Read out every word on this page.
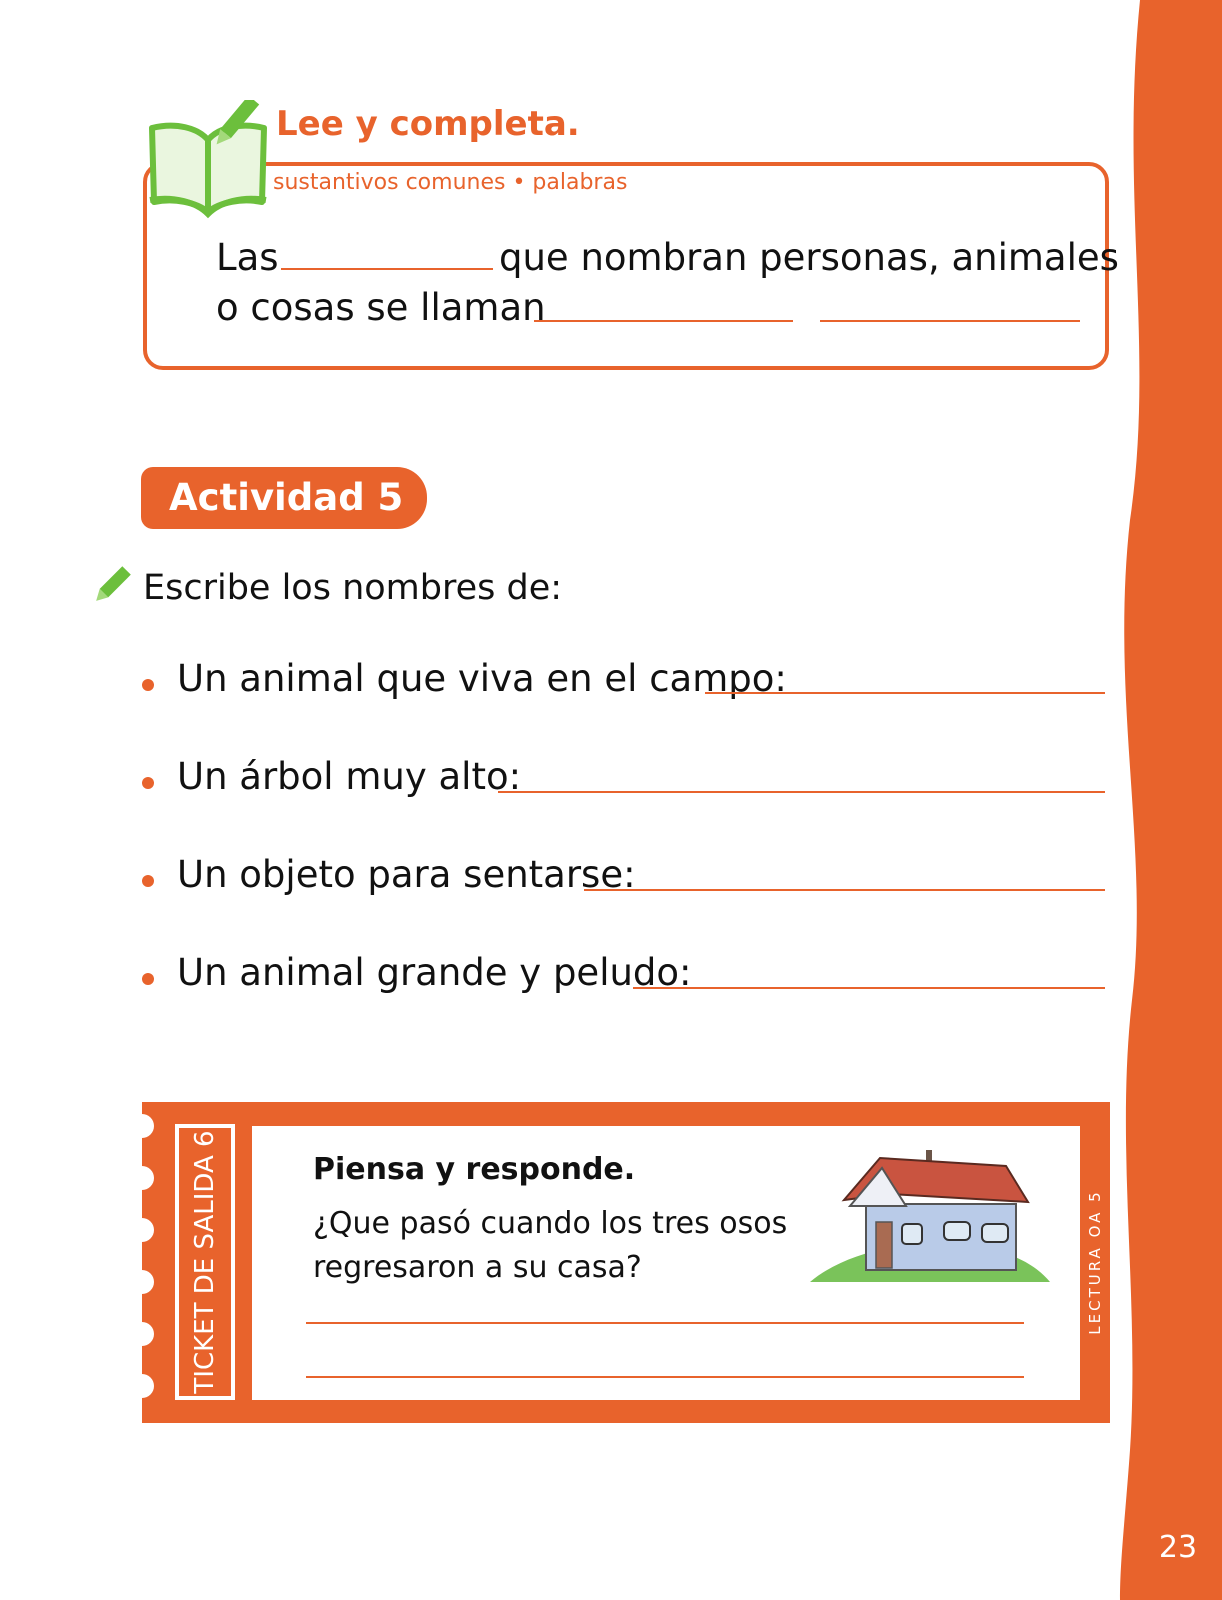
23
Lee y completa.
sustantivos comunes • palabras
Las	que nombran personas, animales
o cosas se llaman
Actividad 5
Escribe los nombres de:
Un animal que viva en el campo:
Un árbol muy alto:
Un objeto para sentarse:
Un animal grande y peludo:
TICKET DE SALIDA 6	Piensa y responde.
¿Que pasó cuando los tres osos
regresaron a su casa?	LECTURA OA 5
